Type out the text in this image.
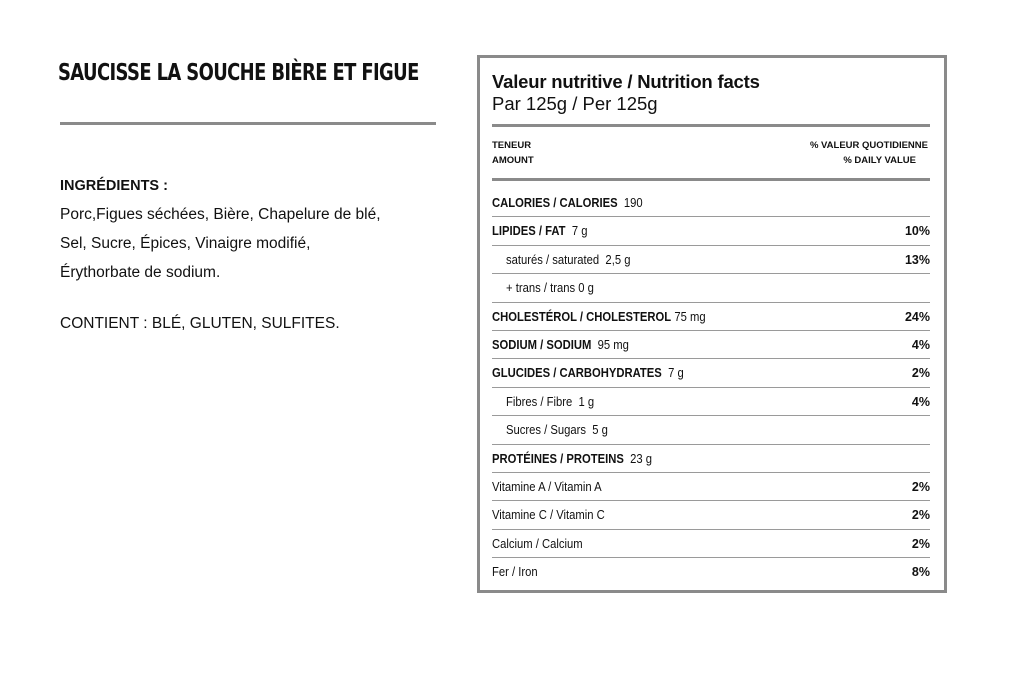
SAUCISSE LA SOUCHE BIÈRE ET FIGUE
INGRÉDIENTS :
Porc,Figues séchées, Bière, Chapelure de blé,
Sel, Sucre, Épices, Vinaigre modifié,
Érythorbate de sodium.
CONTIENT : BLÉ, GLUTEN, SULFITES.
Valeur nutritive / Nutrition facts
Par 125g / Per 125g
TENEUR	% VALEUR QUOTIDIENNE
AMOUNT	% DAILY VALUE
CALORIES / CALORIES 190
LIPIDES / FAT 7 g	10%
saturés / saturated 2,5 g	13%
+ trans / trans 0 g
CHOLESTÉROL / CHOLESTEROL 75 mg	24%
SODIUM / SODIUM 95 mg	4%
GLUCIDES / CARBOHYDRATES 7 g	2%
Fibres / Fibre 1 g	4%
Sucres / Sugars 5 g
PROTÉINES / PROTEINS 23 g
Vitamine A / Vitamin A	2%
Vitamine C / Vitamin C	2%
Calcium / Calcium	2%
Fer / Iron	8%
